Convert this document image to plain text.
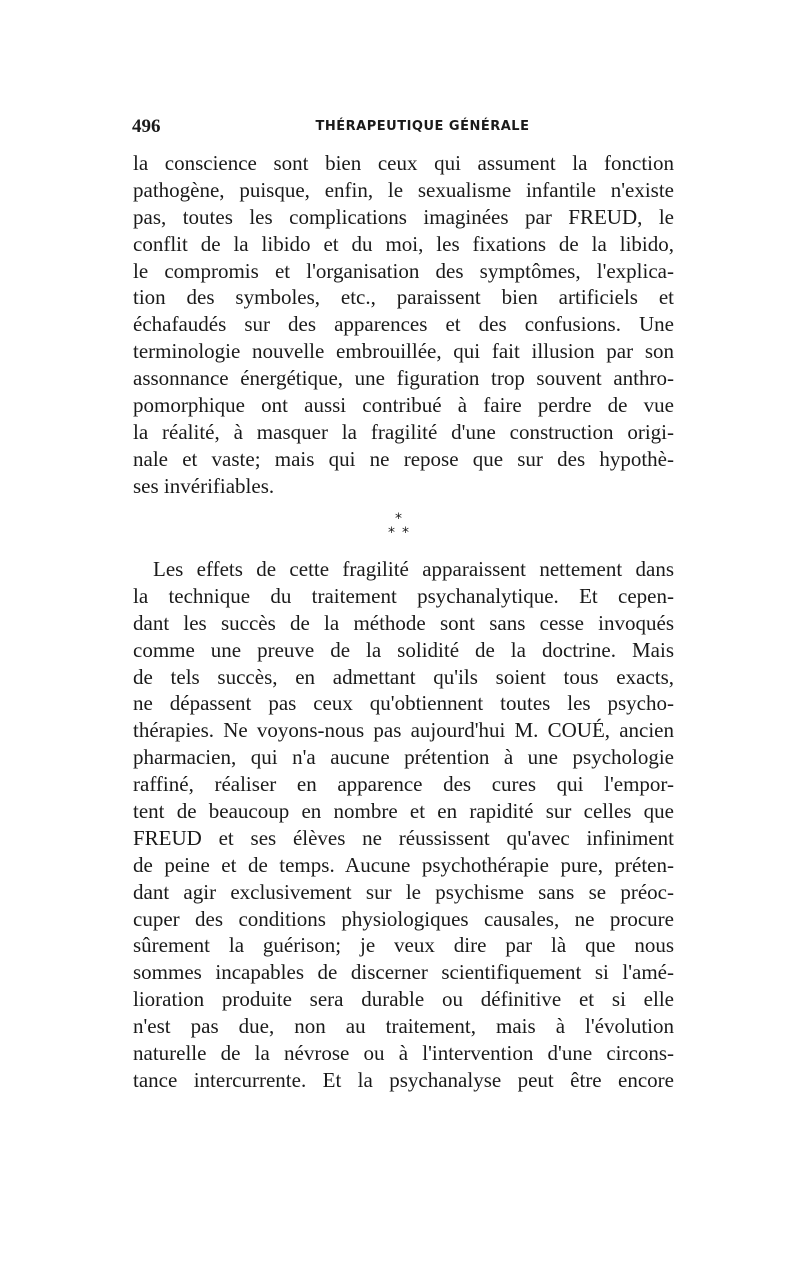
496	THÉRAPEUTIQUE GÉNÉRALE
la conscience sont bien ceux qui assument la fonction
pathogène, puisque, enfin, le sexualisme infantile n'existe
pas, toutes les complications imaginées par FREUD, le
conflit de la libido et du moi, les fixations de la libido,
le compromis et l'organisation des symptômes, l'explica-
tion des symboles, etc., paraissent bien artificiels et
échafaudés sur des apparences et des confusions. Une
terminologie nouvelle embrouillée, qui fait illusion par son
assonnance énergétique, une figuration trop souvent anthro-
pomorphique ont aussi contribué à faire perdre de vue
la réalité, à masquer la fragilité d'une construction origi-
nale et vaste; mais qui ne repose que sur des hypothè-
ses invérifiables.
*
* *
Les effets de cette fragilité apparaissent nettement dans
la technique du traitement psychanalytique. Et cepen-
dant les succès de la méthode sont sans cesse invoqués
comme une preuve de la solidité de la doctrine. Mais
de tels succès, en admettant qu'ils soient tous exacts,
ne dépassent pas ceux qu'obtiennent toutes les psycho-
thérapies. Ne voyons-nous pas aujourd'hui M. COUÉ, ancien
pharmacien, qui n'a aucune prétention à une psychologie
raffiné, réaliser en apparence des cures qui l'empor-
tent de beaucoup en nombre et en rapidité sur celles que
FREUD et ses élèves ne réussissent qu'avec infiniment
de peine et de temps. Aucune psychothérapie pure, préten-
dant agir exclusivement sur le psychisme sans se préoc-
cuper des conditions physiologiques causales, ne procure
sûrement la guérison; je veux dire par là que nous
sommes incapables de discerner scientifiquement si l'amé-
lioration produite sera durable ou définitive et si elle
n'est pas due, non au traitement, mais à l'évolution
naturelle de la névrose ou à l'intervention d'une circons-
tance intercurrente. Et la psychanalyse peut être encore
